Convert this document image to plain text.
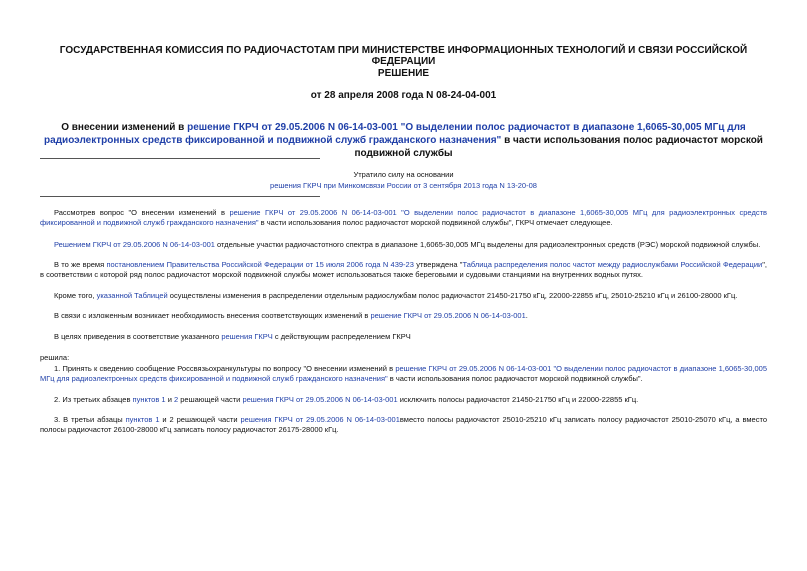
ГОСУДАРСТВЕННАЯ КОМИССИЯ ПО РАДИОЧАСТОТАМ ПРИ МИНИСТЕРСТВЕ ИНФОРМАЦИОННЫХ ТЕХНОЛОГИЙ И СВЯЗИ РОССИЙСКОЙ ФЕДЕРАЦИИ
РЕШЕНИЕ
от 28 апреля 2008 года N 08-24-04-001
О внесении изменений в решение ГКРЧ от 29.05.2006 N 06-14-03-001 "О выделении полос радиочастот в диапазоне 1,6065-30,005 МГц для радиоэлектронных средств фиксированной и подвижной служб гражданского назначения" в части использования полос радиочастот морской подвижной службы
Утратило силу на основании
решения ГКРЧ при Минкомсвязи России от 3 сентября 2013 года N 13-20-08
Рассмотрев вопрос "О внесении изменений в решение ГКРЧ от 29.05.2006 N 06-14-03-001 "О выделении полос радиочастот в диапазоне 1,6065-30,005 МГц для радиоэлектронных средств фиксированной и подвижной служб гражданского назначения" в части использования полос радиочастот морской подвижной службы", ГКРЧ отмечает следующее.
Решением ГКРЧ от 29.05.2006 N 06-14-03-001 отдельные участки радиочастотного спектра в диапазоне 1,6065-30,005 МГц выделены для радиоэлектронных средств (РЭС) морской подвижной службы.
В то же время постановлением Правительства Российской Федерации от 15 июля 2006 года N 439-23 утверждена "Таблица распределения полос частот между радиослужбами Российской Федерации", в соответствии с которой ряд полос радиочастот морской подвижной службы может использоваться также береговыми и судовыми станциями на внутренних водных путях.
Кроме того, указанной Таблицей осуществлены изменения в распределении отдельным радиослужбам полос радиочастот 21450-21750 кГц, 22000-22855 кГц, 25010-25210 кГц и 26100-28000 кГц.
В связи с изложенным возникает необходимость внесения соответствующих изменений в решение ГКРЧ от 29.05.2006 N 06-14-03-001.
В целях приведения в соответствие указанного решения ГКРЧ с действующим распределением ГКРЧ
решила:
1. Принять к сведению сообщение Россвязьохранкультуры по вопросу "О внесении изменений в решение ГКРЧ от 29.05.2006 N 06-14-03-001 "О выделении полос радиочастот в диапазоне 1,6065-30,005 МГц для радиоэлектронных средств фиксированной и подвижной служб гражданского назначения" в части использования полос радиочастот морской подвижной службы".
2. Из третьих абзацев пунктов 1 и 2 решающей части решения ГКРЧ от 29.05.2006 N 06-14-03-001 исключить полосы радиочастот 21450-21750 кГц и 22000-22855 кГц.
3. В третьи абзацы пунктов 1 и 2 решающей части решения ГКРЧ от 29.05.2006 N 06-14-03-001вместо полосы радиочастот 25010-25210 кГц записать полосу радиочастот 25010-25070 кГц, а вместо полосы радиочастот 26100-28000 кГц записать полосу радиочастот 26175-28000 кГц.
